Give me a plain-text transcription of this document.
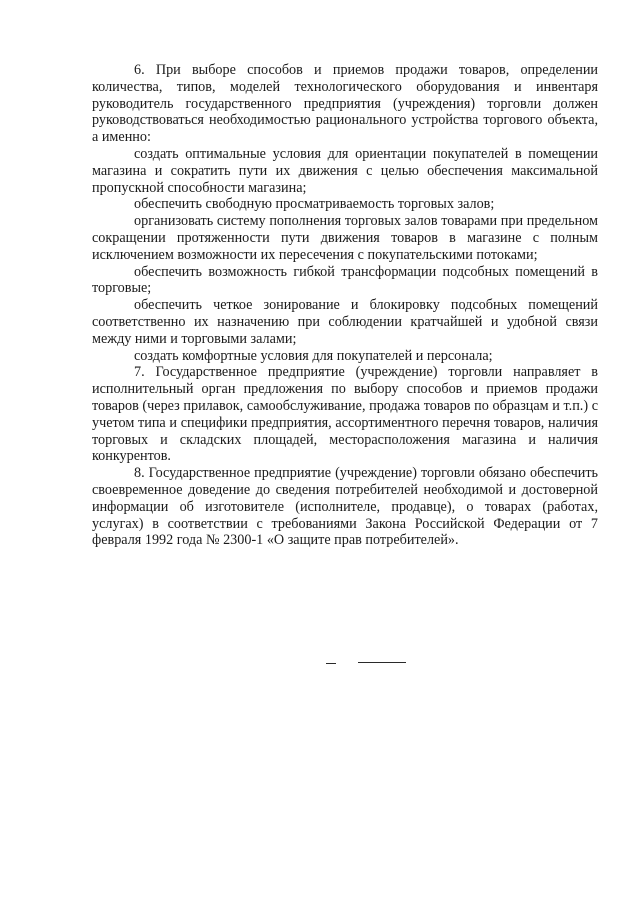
6. При выборе способов и приемов продажи товаров, определении количества, типов, моделей технологического оборудования и инвентаря руководитель государственного предприятия (учреждения) торговли должен руководствоваться необходимостью рационального устройства торгового объекта, а именно:

создать оптимальные условия для ориентации покупателей в помещении магазина и сократить пути их движения с целью обеспечения максимальной пропускной способности магазина;

обеспечить свободную просматриваемость торговых залов;

организовать систему пополнения торговых залов товарами при предельном сокращении протяженности пути движения товаров в магазине с полным исключением возможности их пересечения с покупательскими потоками;

обеспечить возможность гибкой трансформации подсобных помещений в торговые;

обеспечить четкое зонирование и блокировку подсобных помещений соответственно их назначению при соблюдении кратчайшей и удобной связи между ними и торговыми залами;

создать комфортные условия для покупателей и персонала;

7. Государственное предприятие (учреждение) торговли направляет в исполнительный орган предложения по выбору способов и приемов продажи товаров (через прилавок, самообслуживание, продажа товаров по образцам и т.п.) с учетом типа и специфики предприятия, ассортиментного перечня товаров, наличия торговых и складских площадей, месторасположения магазина и наличия конкурентов.

8. Государственное предприятие (учреждение) торговли обязано обеспечить своевременное доведение до сведения потребителей необходимой и достоверной информации об изготовителе (исполнителе, продавце), о товарах (работах, услугах) в соответствии с требованиями Закона Российской Федерации от 7 февраля 1992 года № 2300-1 «О защите прав потребителей».
